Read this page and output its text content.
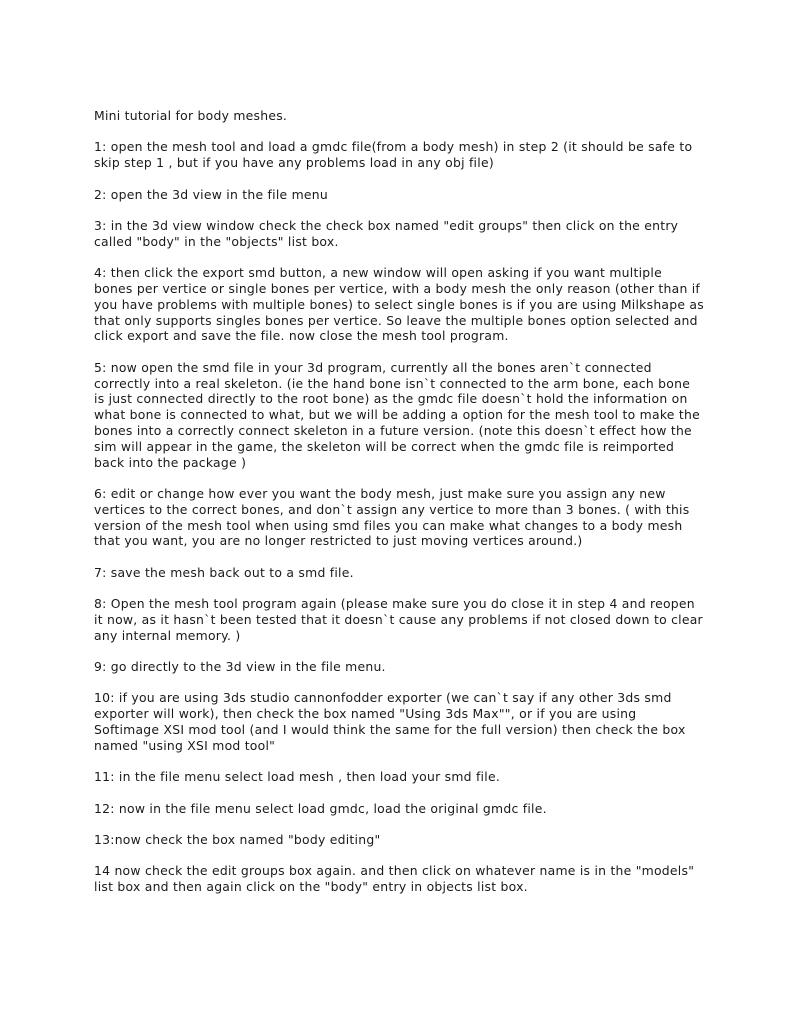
Mini tutorial for body meshes.

1: open the mesh tool and load a gmdc file(from a body mesh) in step 2 (it should be safe to skip step 1 , but if you have any problems load in any obj file)

2: open the 3d view in the file menu

3: in the 3d view window check the check box named "edit groups" then click on the entry called "body" in the "objects" list box.

4: then click the export smd button, a new window will open asking if you want multiple bones per vertice or single bones per vertice, with a body mesh the only reason (other than if you have problems with multiple bones) to select single bones is if you are using Milkshape as that only supports singles bones per vertice. So leave the multiple bones option selected and click export and save the file. now close the mesh tool program.

5: now open the smd file in your 3d program, currently all the bones aren`t connected correctly into a real skeleton. (ie the hand bone isn`t connected to the arm bone, each bone is just connected directly to the root bone) as the gmdc file doesn`t hold the information on what bone is connected to what, but we will be adding a option for the mesh tool to make the bones into a correctly connect skeleton in a future version. (note this doesn`t effect how the sim will appear in the game, the skeleton will be correct when the gmdc file is reimported back into the package )

6: edit or change how ever you want the body mesh, just make sure you assign any new vertices to the correct bones, and don`t assign any vertice to more than 3 bones. ( with this version of the mesh tool when using smd files you can make what changes to a body mesh that you want, you are no longer restricted to just moving vertices around.)

7: save the mesh back out to a smd file.

8: Open the mesh tool program again (please make sure you do close it in step 4 and reopen it now, as it hasn`t been tested that it doesn`t cause any problems if not closed down to clear any internal memory. )

9: go directly to the 3d view in the file menu.

10: if you are using 3ds studio cannonfodder exporter (we can`t say if any other 3ds smd exporter will work), then check the box named "Using 3ds Max"", or if you are using Softimage XSI mod tool (and I would think the same for the full version) then check the box named "using XSI mod tool"

11: in the file menu select load mesh , then load your smd file.

12: now in the file menu select load gmdc, load the original gmdc file.

13:now check the box named "body editing"

14 now check the edit groups box again. and then click on whatever name is in the "models" list box and then again click on the "body" entry in objects list box.
